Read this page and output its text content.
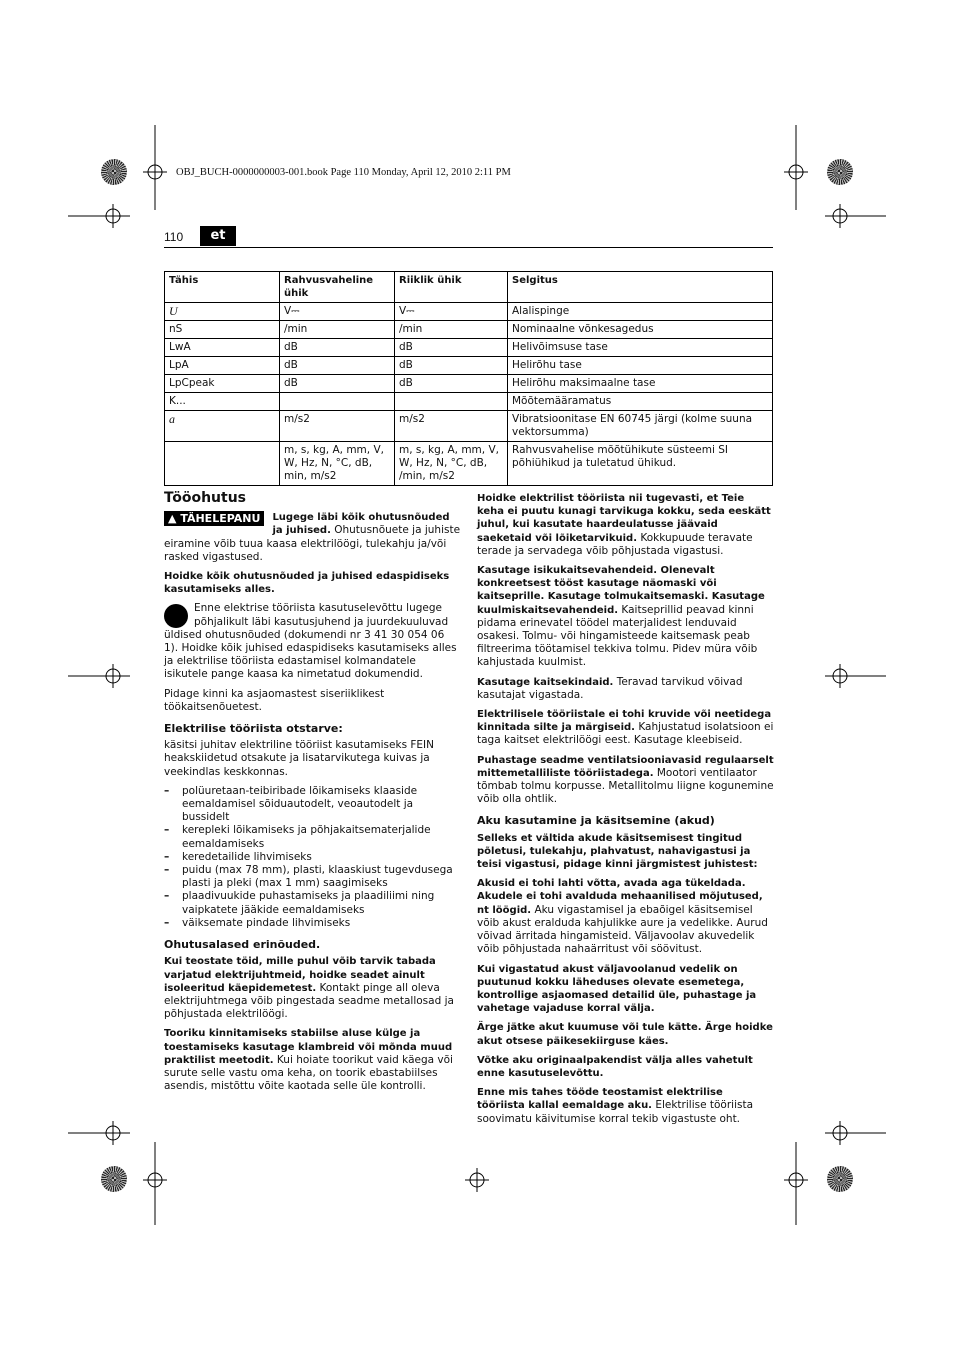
OBJ_BUCH-0000000003-001.book Page 110 Monday, April 12, 2010 2:11 PM
110	et
Tähis	Rahvusvaheline ühik	Riiklik ühik	Selgitus
U	V⎓	V⎓	Alalispinge
nS	/min	/min	Nominaalne võnkesagedus
LwA	dB	dB	Helivõimsuse tase
LpA	dB	dB	Helirõhu tase
LpCpeak	dB	dB	Helirõhu maksimaalne tase
K...			Mõõtemääramatus
a	m/s2	m/s2	Vibratsioonitase EN 60745 järgi (kolme suuna vektorsumma)
	m, s, kg, A, mm, V, W, Hz, N, °C, dB, min, m/s2	m, s, kg, A, mm, V, W, Hz, N, °C, dB, /min, m/s2	Rahvusvahelise mõõtühikute süsteemi SI põhiühikud ja tuletatud ühikud.
Tööohutus

▲ TÄHELEPANU	Lugege läbi kõik ohutusnõuded ja juhised. Ohutusnõuete ja juhiste eiramine võib tuua kaasa elektrilöögi, tulekahju ja/või rasked vigastused.

Hoidke kõik ohutusnõuded ja juhised edaspidiseks kasutamiseks alles.

Enne elektrise tööriista kasutuselevõttu lugege põhjalikult läbi kasutusjuhend ja juurdekuuluvad üldised ohutusnõuded (dokumendi nr 3 41 30 054 06 1). Hoidke kõik juhised edaspidiseks kasutamiseks alles ja elektrilise tööriista edastamisel kolmandatele isikutele pange kaasa ka nimetatud dokumendid.

Pidage kinni ka asjaomastest siseriiklikest töökaitsenõuetest.

Elektrilise tööriista otstarve:

käsitsi juhitav elektriline tööriist kasutamiseks FEIN heakskiidetud otsakute ja lisatarvikutega kuivas ja veekindlas keskkonnas.

– polüuretaan-teibiribade lõikamiseks klaaside eemaldamisel sõiduautodelt, veoautodelt ja bussidelt
– kerepleki lõikamiseks ja põhjakaitsematerjalide eemaldamiseks
– keredetailide lihvimiseks
– puidu (max 78 mm), plasti, klaaskiust tugevdusega plasti ja pleki (max 1 mm) saagimiseks
– plaadivuukide puhastamiseks ja plaadiliimi ning vaipkatete jääkide eemaldamiseks
– väiksemate pindade lihvimiseks
Ohutusalased erinõuded.

Kui teostate töid, mille puhul võib tarvik tabada varjatud elektrijuhtmeid, hoidke seadet ainult isoleeritud käepidemetest. Kontakt pinge all oleva elektrijuhtmega võib pingestada seadme metallosad ja põhjustada elektrilöögi.

Tooriku kinnitamiseks stabiilse aluse külge ja toestamiseks kasutage klambreid või mõnda muud praktilist meetodit. Kui hoiate toorikut vaid käega või surute selle vastu oma keha, on toorik ebastabiilses asendis, mistõttu võite kaotada selle üle kontrolli.

Hoidke elektrilist tööriista nii tugevasti, et Teie keha ei puutu kunagi tarvikuga kokku, seda eeskätt juhul, kui kasutate haardeulatusse jäävaid saeketaid või lõiketarvikuid. Kokkupuude teravate terade ja servadega võib põhjustada vigastusi.

Kasutage isikukaitsevahendeid. Olenevalt konkreetsest tööst kasutage näomaski või kaitseprille. Kasutage tolmukaitsemaski. Kasutage kuulmiskaitsevahendeid. Kaitseprillid peavad kinni pidama erinevatel töödel materjalidest lenduvaid osakesi. Tolmu- või hingamisteede kaitsemask peab filtreerima töötamisel tekkiva tolmu. Pidev müra võib kahjustada kuulmist.

Kasutage kaitsekindaid. Teravad tarvikud võivad kasutajat vigastada.

Elektrilisele tööriistale ei tohi kruvide või neetidega kinnitada silte ja märgiseid. Kahjustatud isolatsioon ei taga kaitset elektrilöögi eest. Kasutage kleebiseid.

Puhastage seadme ventilatsiooniavasid regulaarselt mittemetalliliste tööriistadega. Mootori ventilaator tõmbab tolmu korpusse. Metallitolmu liigne kogunemine võib olla ohtlik.

Aku kasutamine ja käsitsemine (akud)

Selleks et vältida akude käsitsemisest tingitud põletusi, tulekahju, plahvatust, nahavigastusi ja teisi vigastusi, pidage kinni järgmistest juhistest:

Akusid ei tohi lahti võtta, avada aga tükeldada. Akudele ei tohi avalduda mehaanilised mõjutused, nt löögid. Aku vigastamisel ja ebaõigel käsitsemisel võib akust eralduda kahjulikke aure ja vedelikke. Aurud võivad ärritada hingamisteid. Väljavoolav akuvedelik võib põhjustada nahaärritust või söövitust.

Kui vigastatud akust väljavoolanud vedelik on puutunud kokku läheduses olevate esemetega, kontrollige asjaomased detailid üle, puhastage ja vahetage vajaduse korral välja.

Ärge jätke akut kuumuse või tule kätte. Ärge hoidke akut otsese päikesekiirguse käes.

Võtke aku originaalpakendist välja alles vahetult enne kasutuselevõttu.

Enne mis tahes tööde teostamist elektrilise tööriista kallal eemaldage aku. Elektrilise tööriista soovimatu käivitumise korral tekib vigastuste oht.
